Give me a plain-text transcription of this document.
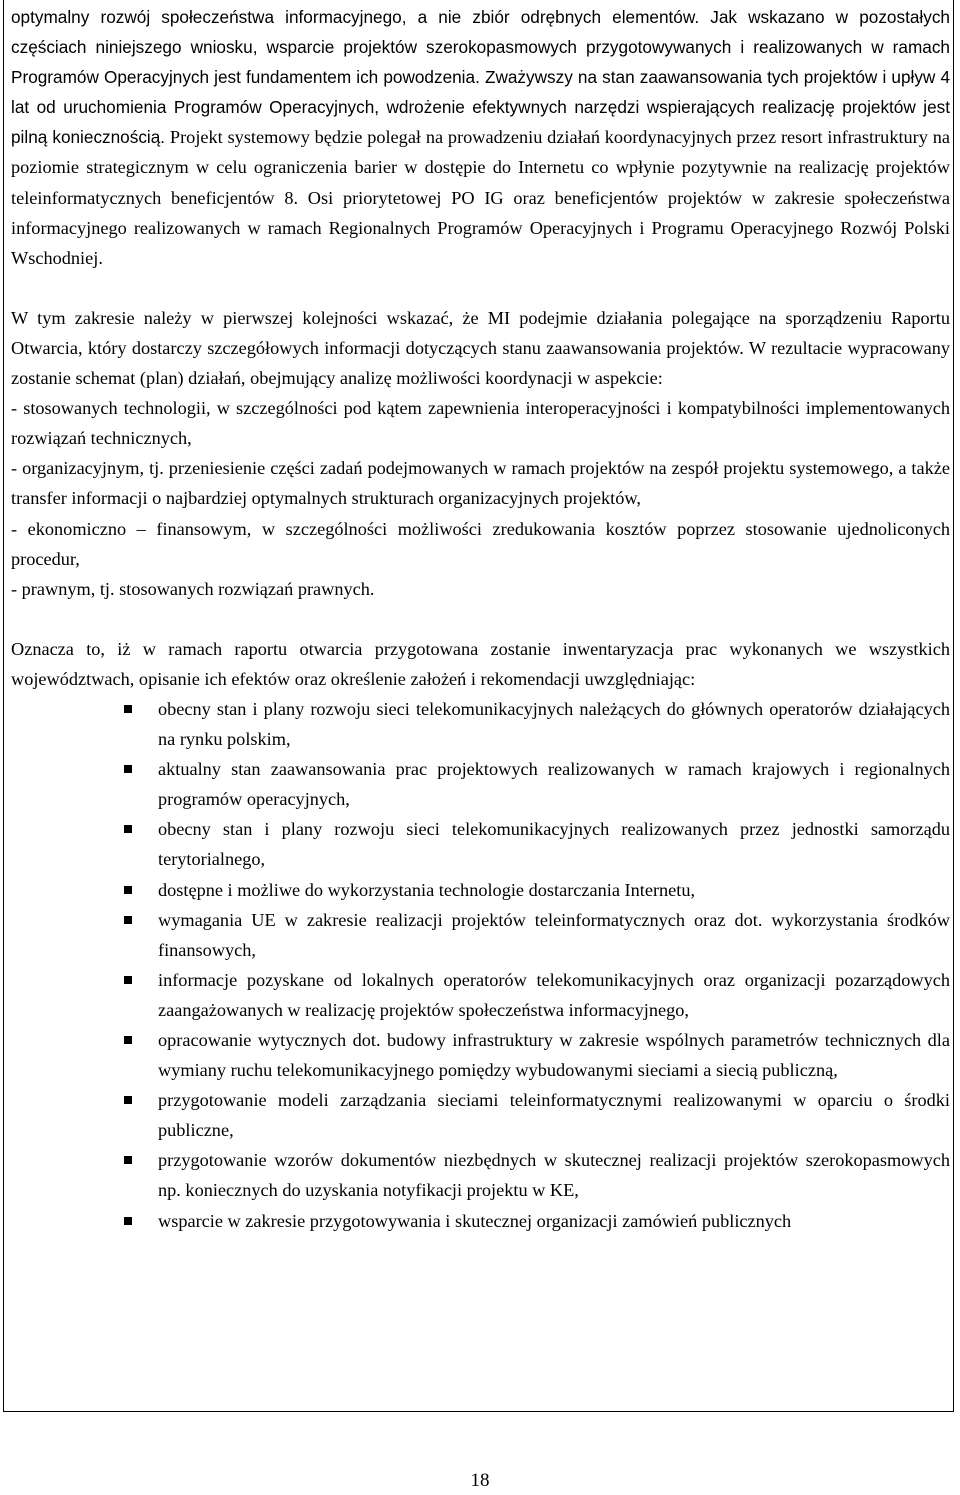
optymalny rozwój społeczeństwa informacyjnego, a nie zbiór odrębnych elementów. Jak wskazano w pozostałych częściach niniejszego wniosku, wsparcie projektów szerokopasmowych przygotowywanych i realizowanych w ramach Programów Operacyjnych jest fundamentem ich powodzenia. Zważywszy na stan zaawansowania tych projektów i upływ 4 lat od uruchomienia Programów Operacyjnych, wdrożenie efektywnych narzędzi wspierających realizację projektów jest pilną koniecznością. Projekt systemowy będzie polegał na prowadzeniu działań koordynacyjnych przez resort infrastruktury na poziomie strategicznym w celu ograniczenia barier w dostępie do Internetu co wpłynie pozytywnie na realizację projektów teleinformatycznych beneficjentów 8. Osi priorytetowej PO IG oraz beneficjentów projektów w zakresie społeczeństwa informacyjnego realizowanych w ramach Regionalnych Programów Operacyjnych i Programu Operacyjnego Rozwój Polski Wschodniej.

W tym zakresie należy w pierwszej kolejności wskazać, że MI podejmie działania polegające na sporządzeniu Raportu Otwarcia, który dostarczy szczegółowych informacji dotyczących stanu zaawansowania projektów. W rezultacie wypracowany zostanie schemat (plan) działań, obejmujący analizę możliwości koordynacji w aspekcie:

- stosowanych technologii, w szczególności pod kątem zapewnienia interoperacyjności i kompatybilności implementowanych rozwiązań technicznych,

- organizacyjnym, tj. przeniesienie części zadań podejmowanych w ramach projektów na zespół projektu systemowego, a także transfer informacji o najbardziej optymalnych strukturach organizacyjnych projektów,

- ekonomiczno – finansowym, w szczególności możliwości zredukowania kosztów poprzez stosowanie ujednoliconych procedur,

- prawnym, tj. stosowanych rozwiązań prawnych.

Oznacza to, iż w ramach raportu otwarcia przygotowana zostanie inwentaryzacja prac wykonanych we wszystkich województwach, opisanie ich efektów oraz określenie założeń i rekomendacji uwzględniając:

obecny stan i plany rozwoju sieci telekomunikacyjnych należących do głównych operatorów działających na rynku polskim,
aktualny stan zaawansowania prac projektowych realizowanych w ramach krajowych i regionalnych programów operacyjnych,
obecny stan i plany rozwoju sieci telekomunikacyjnych realizowanych przez jednostki samorządu terytorialnego,
dostępne i możliwe do wykorzystania technologie dostarczania Internetu,
wymagania UE w zakresie realizacji projektów teleinformatycznych oraz dot. wykorzystania środków finansowych,
informacje pozyskane od lokalnych operatorów telekomunikacyjnych oraz organizacji pozarządowych zaangażowanych w realizację projektów społeczeństwa informacyjnego,
opracowanie wytycznych dot. budowy infrastruktury w zakresie wspólnych parametrów technicznych dla wymiany ruchu telekomunikacyjnego pomiędzy wybudowanymi sieciami a siecią publiczną,
przygotowanie modeli zarządzania sieciami teleinformatycznymi realizowanymi w oparciu o środki publiczne,
przygotowanie wzorów dokumentów niezbędnych w skutecznej realizacji projektów szerokopasmowych np. koniecznych do uzyskania notyfikacji projektu w KE,
wsparcie w zakresie przygotowywania i skutecznej organizacji zamówień publicznych
18
